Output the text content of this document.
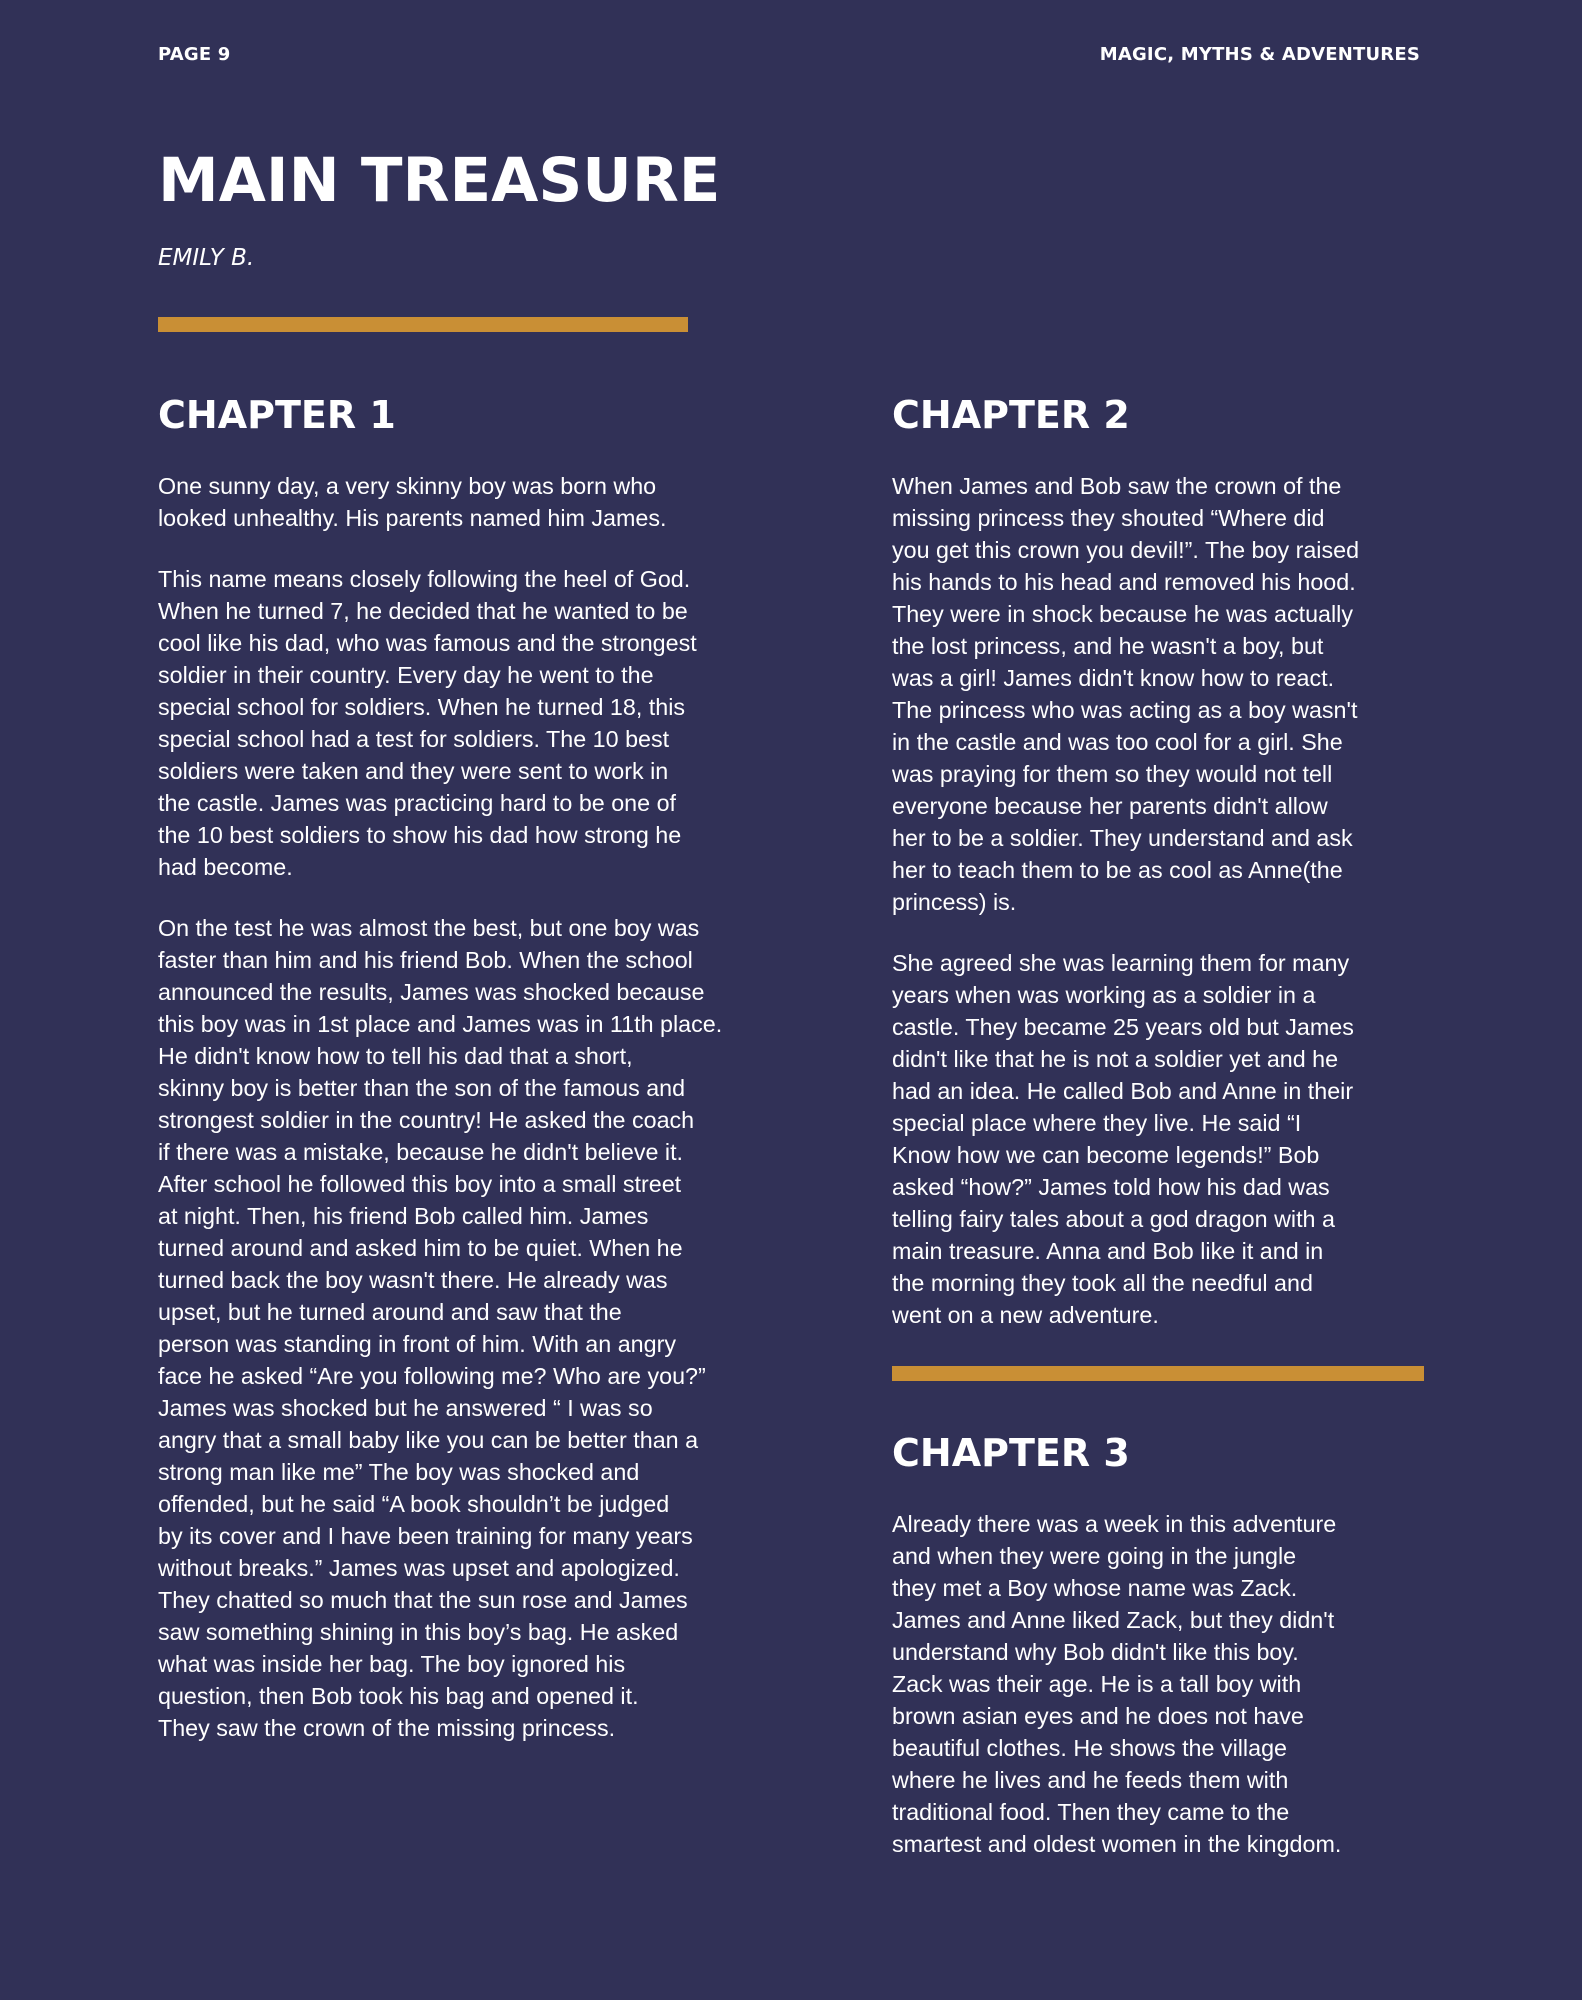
PAGE 9	MAGIC, MYTHS & ADVENTURES
MAIN TREASURE
EMILY B.
CHAPTER 1

One sunny day, a very skinny boy was born who
looked unhealthy. His parents named him James.

This name means closely following the heel of God.
When he turned 7, he decided that he wanted to be
cool like his dad, who was famous and the strongest
soldier in their country. Every day he went to the
special school for soldiers. When he turned 18, this
special school had a test for soldiers. The 10 best
soldiers were taken and they were sent to work in
the castle. James was practicing hard to be one of
the 10 best soldiers to show his dad how strong he
had become.

On the test he was almost the best, but one boy was
faster than him and his friend Bob. When the school
announced the results, James was shocked because
this boy was in 1st place and James was in 11th place.
He didn't know how to tell his dad that a short,
skinny boy is better than the son of the famous and
strongest soldier in the country! He asked the coach
if there was a mistake, because he didn't believe it.
After school he followed this boy into a small street
at night. Then, his friend Bob called him. James
turned around and asked him to be quiet. When he
turned back the boy wasn't there. He already was
upset, but he turned around and saw that the
person was standing in front of him. With an angry
face he asked “Are you following me? Who are you?”
James was shocked but he answered “ I was so
angry that a small baby like you can be better than a
strong man like me” The boy was shocked and
offended, but he said “A book shouldn’t be judged
by its cover and I have been training for many years
without breaks.” James was upset and apologized.
They chatted so much that the sun rose and James
saw something shining in this boy’s bag. He asked
what was inside her bag. The boy ignored his
question, then Bob took his bag and opened it.
They saw the crown of the missing princess.

CHAPTER 2

When James and Bob saw the crown of the
missing princess they shouted “Where did
you get this crown you devil!”. The boy raised
his hands to his head and removed his hood.
They were in shock because he was actually
the lost princess, and he wasn't a boy, but
was a girl! James didn't know how to react.
The princess who was acting as a boy wasn't
in the castle and was too cool for a girl. She
was praying for them so they would not tell
everyone because her parents didn't allow
her to be a soldier. They understand and ask
her to teach them to be as cool as Anne(the
princess) is.

She agreed she was learning them for many
years when was working as a soldier in a
castle. They became 25 years old but James
didn't like that he is not a soldier yet and he
had an idea. He called Bob and Anne in their
special place where they live. He said “I
Know how we can become legends!” Bob
asked “how?” James told how his dad was
telling fairy tales about a god dragon with a
main treasure. Anna and Bob like it and in
the morning they took all the needful and
went on a new adventure.

CHAPTER 3

Already there was a week in this adventure
and when they were going in the jungle
they met a Boy whose name was Zack.
James and Anne liked Zack, but they didn't
understand why Bob didn't like this boy.
Zack was their age. He is a tall boy with
brown asian eyes and he does not have
beautiful clothes. He shows the village
where he lives and he feeds them with
traditional food. Then they came to the
smartest and oldest women in the kingdom.
